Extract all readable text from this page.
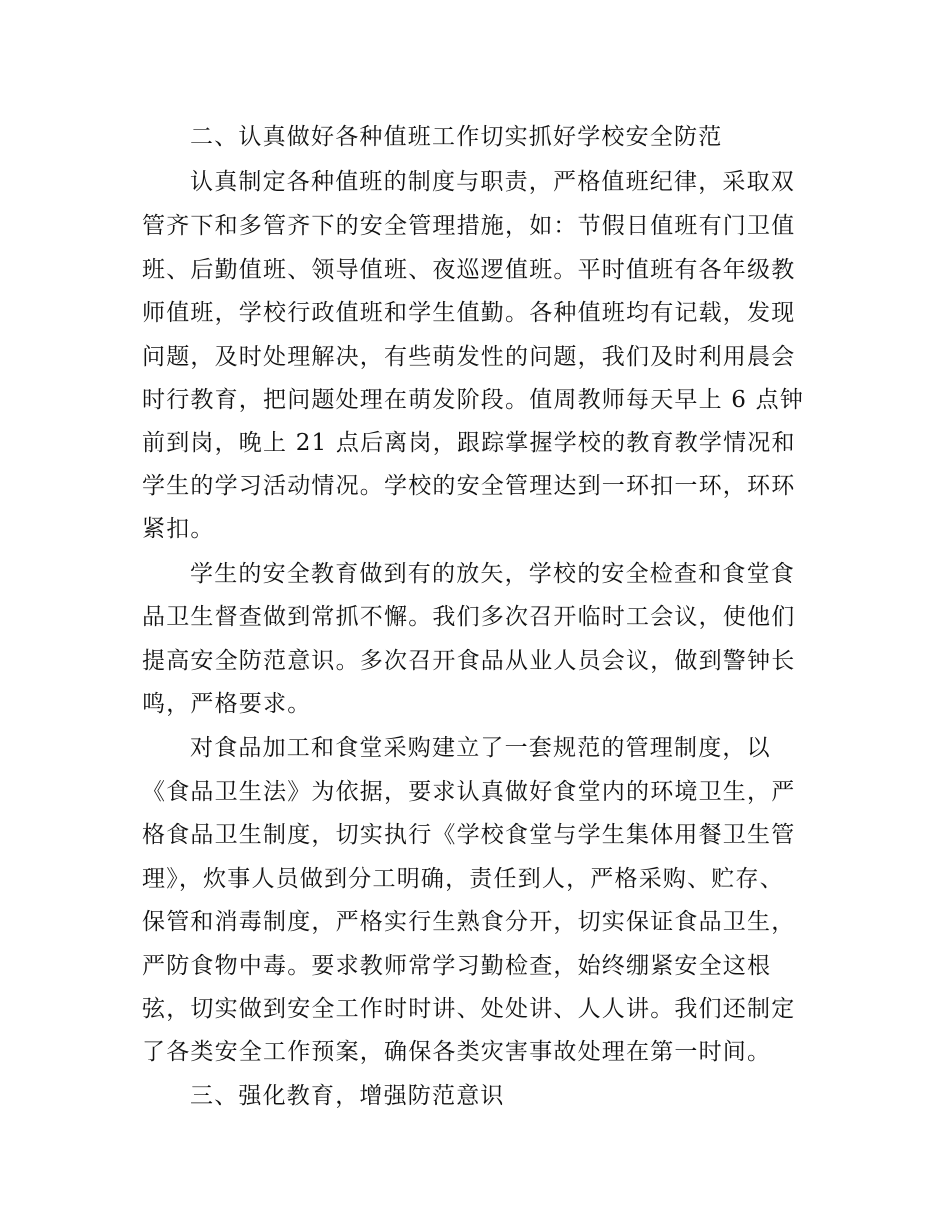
二、认真做好各种值班工作切实抓好学校安全防范
认真制定各种值班的制度与职责，严格值班纪律，采取双
管齐下和多管齐下的安全管理措施，如：节假日值班有门卫值
班、后勤值班、领导值班、夜巡逻值班。平时值班有各年级教
师值班，学校行政值班和学生值勤。各种值班均有记载，发现
问题，及时处理解决，有些萌发性的问题，我们及时利用晨会
时行教育，把问题处理在萌发阶段。值周教师每天早上 6 点钟
前到岗，晚上 21 点后离岗，跟踪掌握学校的教育教学情况和
学生的学习活动情况。学校的安全管理达到一环扣一环，环环
紧扣。
学生的安全教育做到有的放矢，学校的安全检查和食堂食
品卫生督查做到常抓不懈。我们多次召开临时工会议，使他们
提高安全防范意识。多次召开食品从业人员会议，做到警钟长
鸣，严格要求。
对食品加工和食堂采购建立了一套规范的管理制度，以
《食品卫生法》为依据，要求认真做好食堂内的环境卫生，严
格食品卫生制度，切实执行《学校食堂与学生集体用餐卫生管
理》，炊事人员做到分工明确，责任到人，严格采购、贮存、
保管和消毒制度，严格实行生熟食分开，切实保证食品卫生，
严防食物中毒。要求教师常学习勤检查，始终绷紧安全这根
弦，切实做到安全工作时时讲、处处讲、人人讲。我们还制定
了各类安全工作预案，确保各类灾害事故处理在第一时间。
三、强化教育，增强防范意识
